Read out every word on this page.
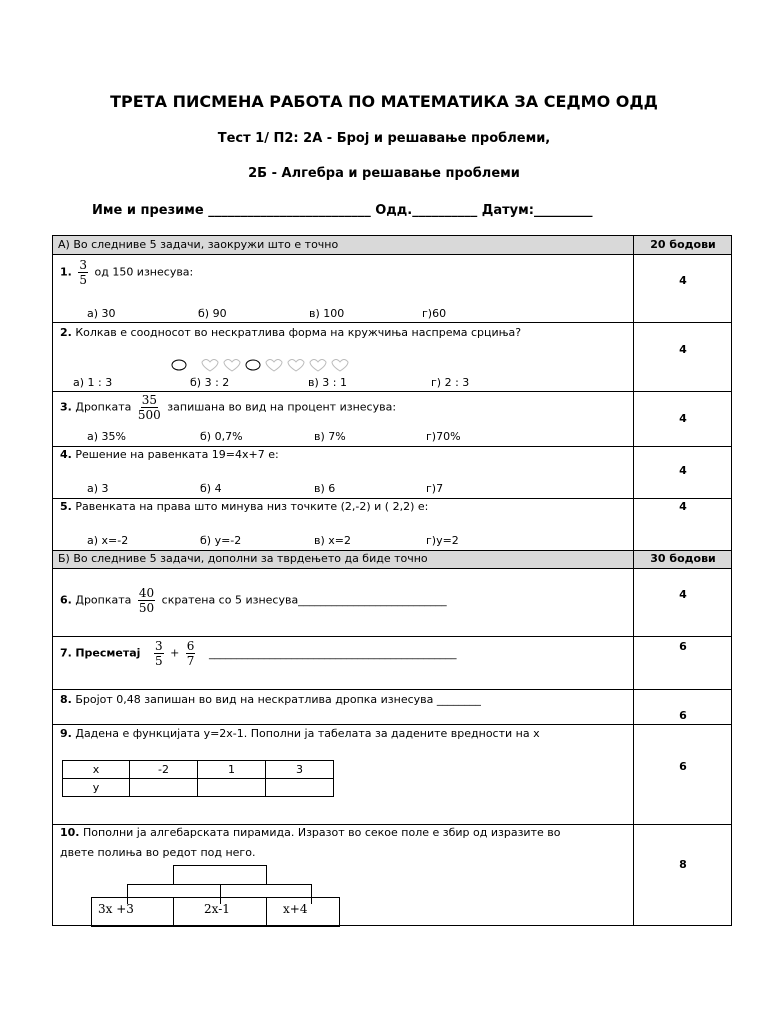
ТРЕТА ПИСМЕНА РАБОТА ПО МАТЕМАТИКА ЗА СЕДМО ОДД
Тест 1/ П2: 2А - Број и решавање проблеми,
2Б - Алгебра и решавање проблеми
Име и презиме _________________________ Одд.__________ Датум:_________
А) Во следниве 5 задачи, заокружи што е точно	20 бодови
1. $\frac{3}{5}$ од 150 изнесува:
4
а) 30	б) 90	в) 100	г)60
2. Колкав е соодносот во нескратлива форма на кружчиња наспрема срциња?
4
а) 1 : 3	б) 3 : 2	в) 3 : 1	г) 2 : 3
3. Дропката $\frac{35}{500}$ запишана во вид на процент изнесува:
4
а) 35%	б) 0,7%	в) 7%	г)70%
4. Решение на равенката 19=4x+7 е:
4
а) 3	б) 4	в) 6	г)7
5. Равенката на права што минува низ точките (2,-2) и ( 2,2) е:	4
а) x=-2	б) y=-2	в) x=2	г)y=2
Б) Во следниве 5 задачи, дополни за тврдењето да биде точно	30 бодови
6. Дропката $\frac{40}{50}$ скратена со 5 изнесува___________________________	4
7. Пресметај $\frac{3}{5} + \frac{6}{7}$ _____________________________________________	6
8. Бројот 0,48 запишан во вид на нескратлива дропка изнесува ________
6
9. Дадена е функцијата y=2x-1. Пополни ја табелата за дадените вредности на x
6
x	-2	1	3
y			
10. Пополни ја алгебарската пирамида. Изразот во секое поле е збир од изразите во
двете полиња во редот под него.
8
3x +3	2x-1	x+4
